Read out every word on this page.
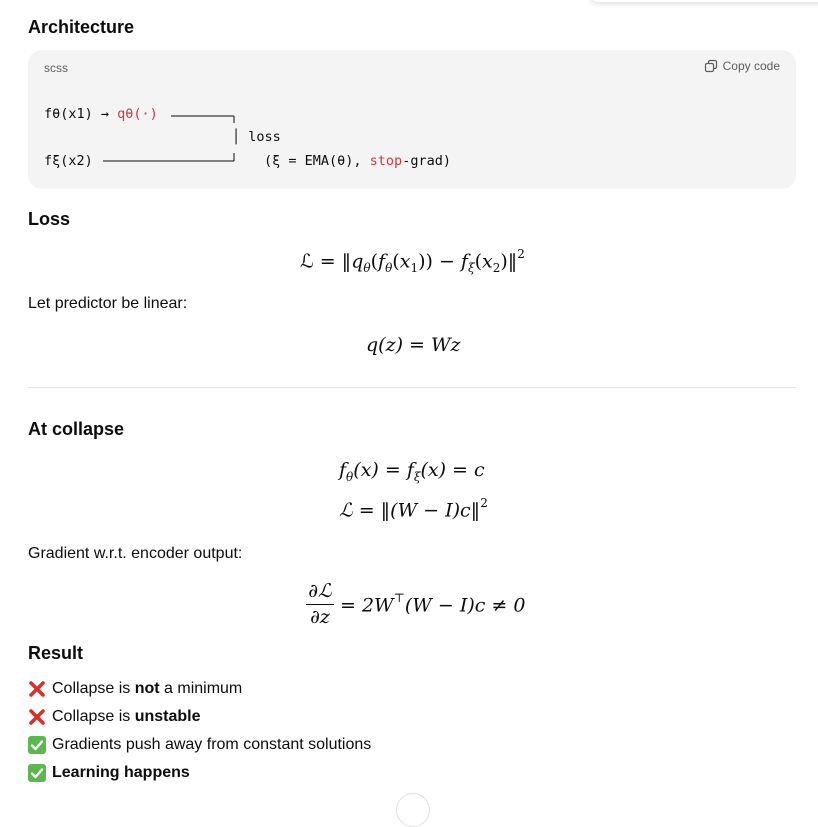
Architecture
scss	Copy code
fθ(x1) → qθ(·)
│ loss
fξ(x2)	(ξ = EMA(θ), stop-grad)
Loss
ℒ = $‖q_\theta(f_\theta(x_1))$ − $f_\xi(x_2)‖^2$

Let predictor be linear:

q(z) = Wz
At collapse
$f_\theta(x) = f_\xi(x) = c$
ℒ = ‖(W − I)c‖$^2$

Gradient w.r.t. encoder output:

∂ℒ
∂z
= 2W⊤(W − I)c ≠ 0
Result
Collapse is not a minimum
Collapse is unstable
Gradients push away from constant solutions
Learning happens
